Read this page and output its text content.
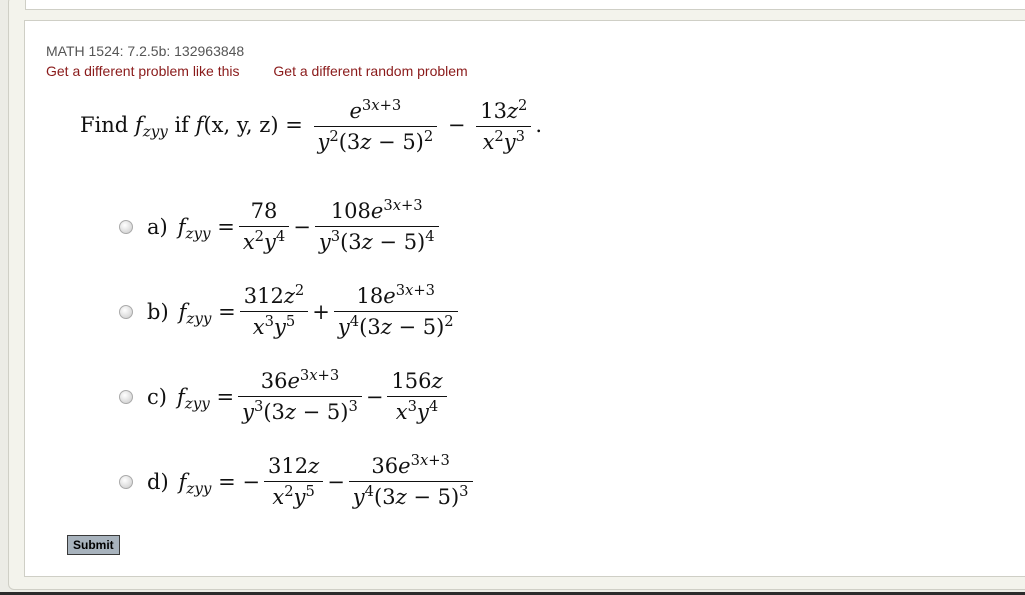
MATH 1524: 7.2.5b: 132963848
Get a different problem like this Get a different random problem
Find $f_{zyy}$ if f(x, y, $z) = \frac{e^{3x+3}}{y^2(3z - 5)^2} - \frac{13z^2}{x^2y^3}$ .
a) $f_{zyy} = \frac{78}{x^2y^4} - \frac{108e^{3x+3}}{y^3(3z - 5)^4}$
b) $f_{zyy} = \frac{312z^2}{x^3y^5} + \frac{18e^{3x+3}}{y^4(3z - 5)^2}$
c) $f_{zyy} = \frac{36e^{3x+3}}{y^3(3z - 5)^3} - \frac{156z}{x^3y^4}$
d) $f_{zyy}$ = − $\frac{312z}{x^2y^5} - \frac{36e^{3x+3}}{y^4(3z - 5)^3}$
Submit
